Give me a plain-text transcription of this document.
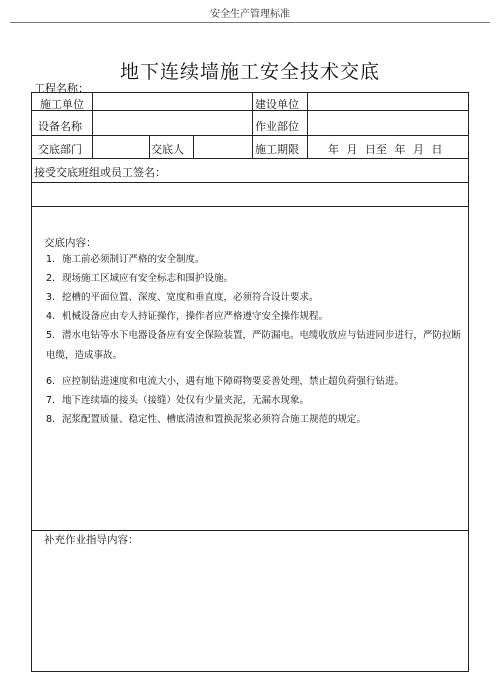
安全生产管理标准
地下连续墙施工安全技术交底
工程名称：
施工单位	建设单位
设备名称	作业部位
交底部门	交底人	施工期限	年 月 日至 年 月 日
接受交底班组或员工签名：
交底内容：

1. 施工前必须制订严格的安全制度。

2. 现场施工区域应有安全标志和围护设施。

3. 挖槽的平面位置、深度、宽度和垂直度，必须符合设计要求。

4. 机械设备应由专人持证操作，操作者应严格遵守安全操作规程。

5. 潜水电钻等水下电器设备应有安全保险装置，严防漏电。电缆收放应与钻进同步进行，严防拉断电缆，造成事故。

6. 应控制钻进速度和电流大小，遇有地下障碍物要妥善处理，禁止超负荷强行钻进。

7. 地下连续墙的接头（接缝）处仅有少量夹泥，无漏水现象。

8. 泥浆配置质量、稳定性、槽底清渣和置换泥浆必须符合施工规范的规定。

补充作业指导内容：
